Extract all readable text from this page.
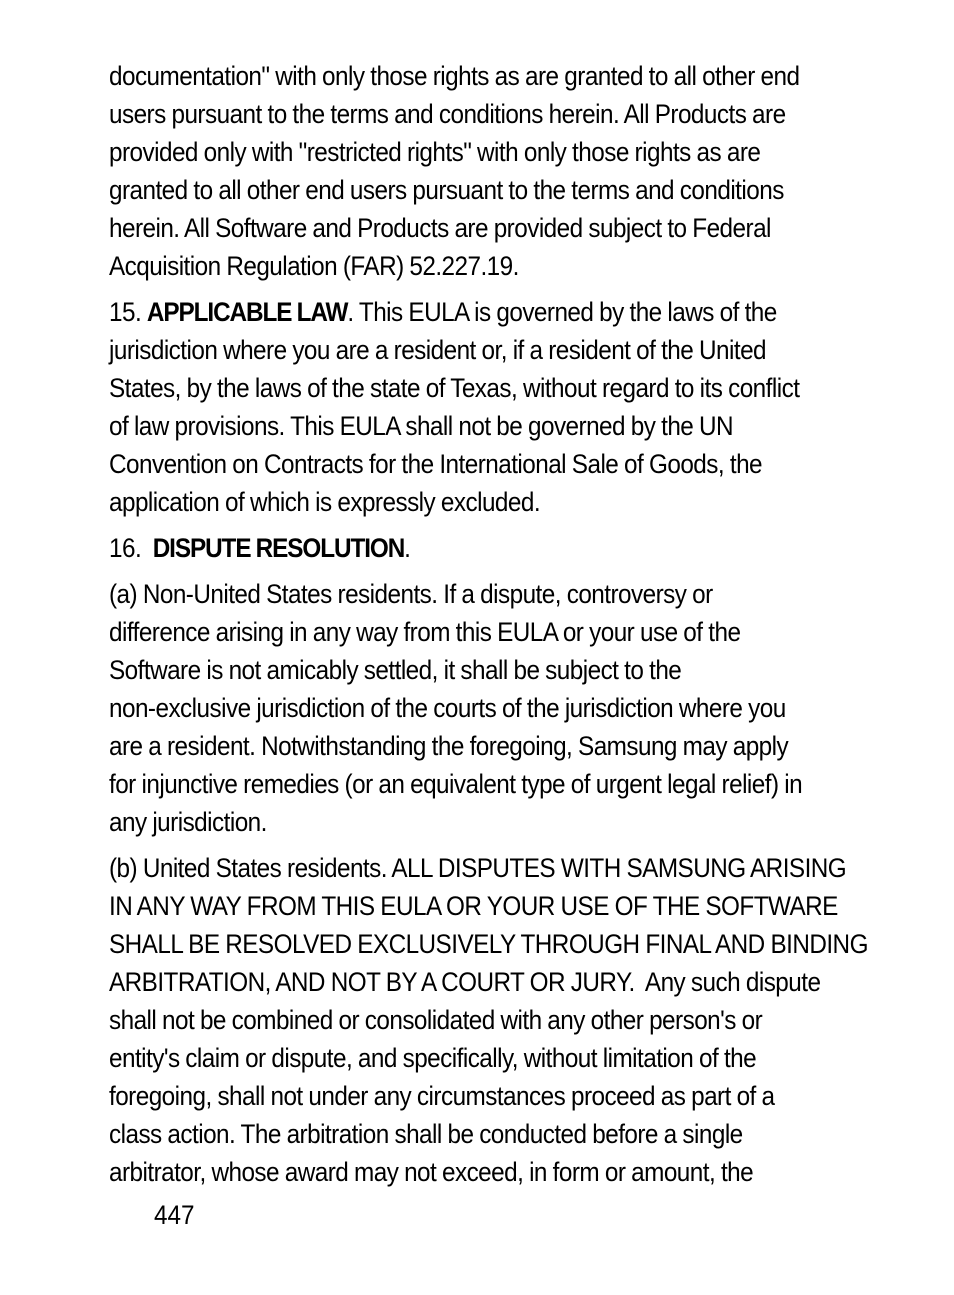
documentation" with only those rights as are granted to all other end
users pursuant to the terms and conditions herein. All Products are
provided only with "restricted rights" with only those rights as are
granted to all other end users pursuant to the terms and conditions
herein. All Software and Products are provided subject to Federal
Acquisition Regulation (FAR) 52.227.19.

15. APPLICABLE LAW. This EULA is governed by the laws of the
jurisdiction where you are a resident or, if a resident of the United
States, by the laws of the state of Texas, without regard to its conflict
of law provisions. This EULA shall not be governed by the UN
Convention on Contracts for the International Sale of Goods, the
application of which is expressly excluded.

16.  DISPUTE RESOLUTION.

(a) Non-United States residents. If a dispute, controversy or
difference arising in any way from this EULA or your use of the
Software is not amicably settled, it shall be subject to the
non-exclusive jurisdiction of the courts of the jurisdiction where you
are a resident. Notwithstanding the foregoing, Samsung may apply
for injunctive remedies (or an equivalent type of urgent legal relief) in
any jurisdiction.

(b) United States residents. ALL DISPUTES WITH SAMSUNG ARISING
IN ANY WAY FROM THIS EULA OR YOUR USE OF THE SOFTWARE
SHALL BE RESOLVED EXCLUSIVELY THROUGH FINAL AND BINDING
ARBITRATION, AND NOT BY A COURT OR JURY.  Any such dispute
shall not be combined or consolidated with any other person's or
entity's claim or dispute, and specifically, without limitation of the
foregoing, shall not under any circumstances proceed as part of a
class action. The arbitration shall be conducted before a single
arbitrator, whose award may not exceed, in form or amount, the

447
